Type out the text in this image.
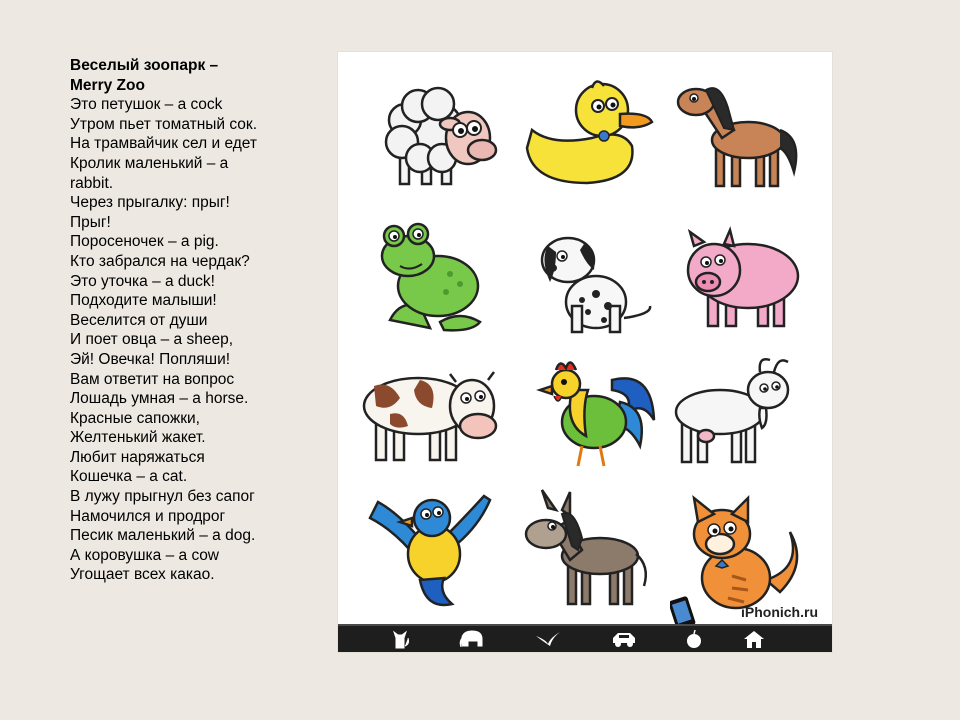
Веселый зоопарк –
Merry Zoo
Это петушок – a cock
Утром пьет томатный сок.
На трамвайчик сел и едет
Кролик маленький – a
rabbit.
Через прыгалку: прыг!
Прыг!
Поросеночек – a pig.
Кто забрался на чердак?
Это уточка – a duck!
Подходите малыши!
Веселится от души
И поет овца – a sheep,
Эй! Овечка! Попляши!
Вам ответит на вопрос
Лошадь умная – a horse.
Красные сапожки,
Желтенький жакет.
Любит наряжаться
Кошечка – a cat.
В лужу прыгнул без сапог
Намочился и продрог
Песик маленький – a dog.
А коровушка – a cow
Угощает всех какао.
iPhonich.ru
